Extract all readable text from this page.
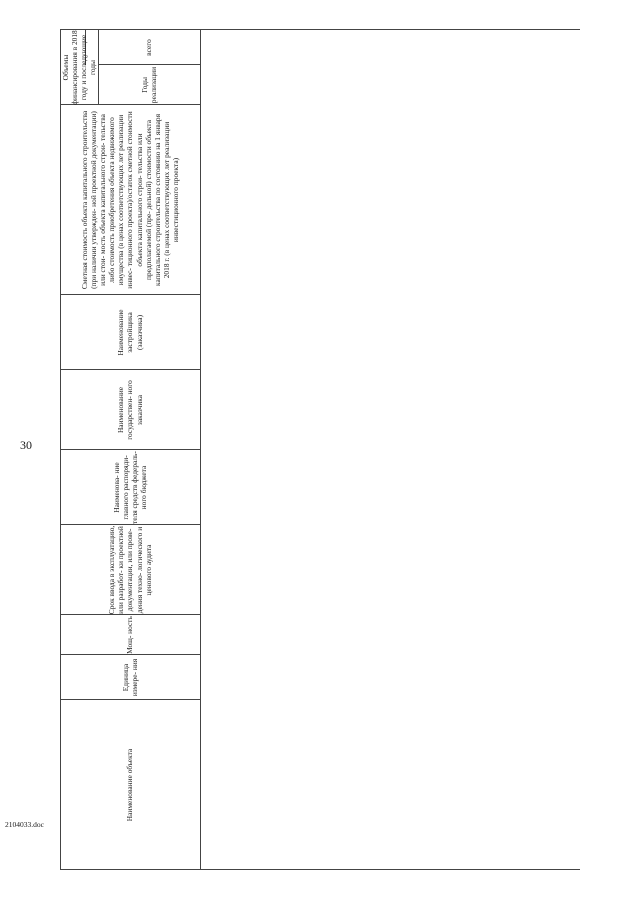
30
2104033.doc
Наименование объекта
Единица измере- ния
Мощ- ность
Срок ввода в эксплуатацию, или разработ- ки проектной документации, или прове- дения техно- логического и ценового аудита
Наименова- ние главного распоряди- теля средств федераль- ного бюджета
Наименование государствен- ного заказчика
Наименование застройщика (заказчика)
Сметная стоимость объекта капитального строительства (при наличии утвержден- ной проектной документации) или стои- мость объекта капитального строи- тельства либо стоимость приобретения объекта недвижимого имущества (в ценах соответствующих лет реализации инвес- тиционного проекта)/остаток сметной стоимости объекта капитального строи- тельства или предполагаемой (пре- дельной) стоимости объекта капитального строительства по состоянию на 1 января 2018 г. (в ценах соответствующих лет реализации инвестиционного проекта)
Годы реализации
Объемы финансирования в 2018 году и последующие годы
всего
